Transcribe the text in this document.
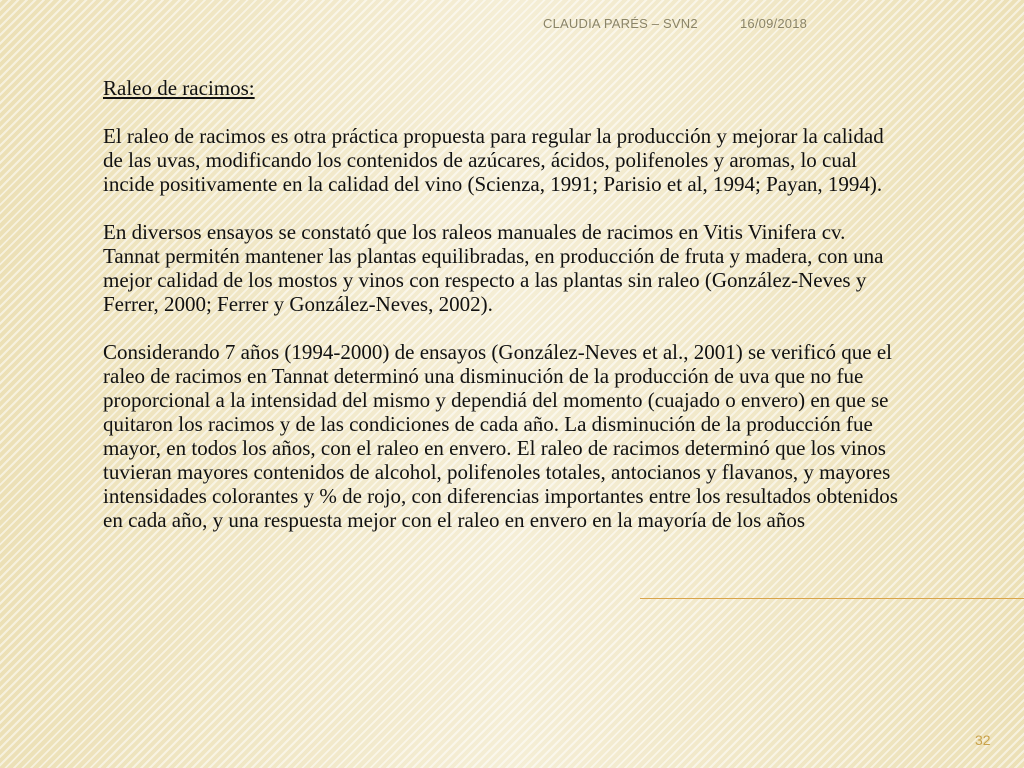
CLAUDIA PARÉS – SVN2	16/09/2018
Raleo de racimos:
El raleo de racimos es otra práctica propuesta para regular la producción y mejorar la calidad de las uvas, modificando los contenidos de azúcares, ácidos, polifenoles y aromas, lo cual incide positivamente en la calidad del vino (Scienza, 1991; Parisio et al, 1994; Payan, 1994).
En diversos ensayos se constató que los raleos manuales de racimos en Vitis Vinifera cv. Tannat permitén mantener las plantas equilibradas, en producción de fruta y madera, con una mejor calidad de los mostos y vinos con respecto a las plantas sin raleo (González-Neves y Ferrer, 2000; Ferrer y González-Neves, 2002).
Considerando 7 años (1994-2000) de ensayos (González-Neves et al., 2001) se verificó que el raleo de racimos en Tannat determinó una disminución de la producción de uva que no fue proporcional a la intensidad del mismo y dependiá del momento (cuajado o envero) en que se quitaron los racimos y de las condiciones de cada año. La disminución de la producción fue mayor, en todos los años, con el raleo en envero. El raleo de racimos determinó que los vinos tuvieran mayores contenidos de alcohol, polifenoles totales, antocianos y flavanos, y mayores intensidades colorantes y % de rojo, con diferencias importantes entre los resultados obtenidos en cada año, y una respuesta mejor con el raleo en envero en la mayoría de los años
32
